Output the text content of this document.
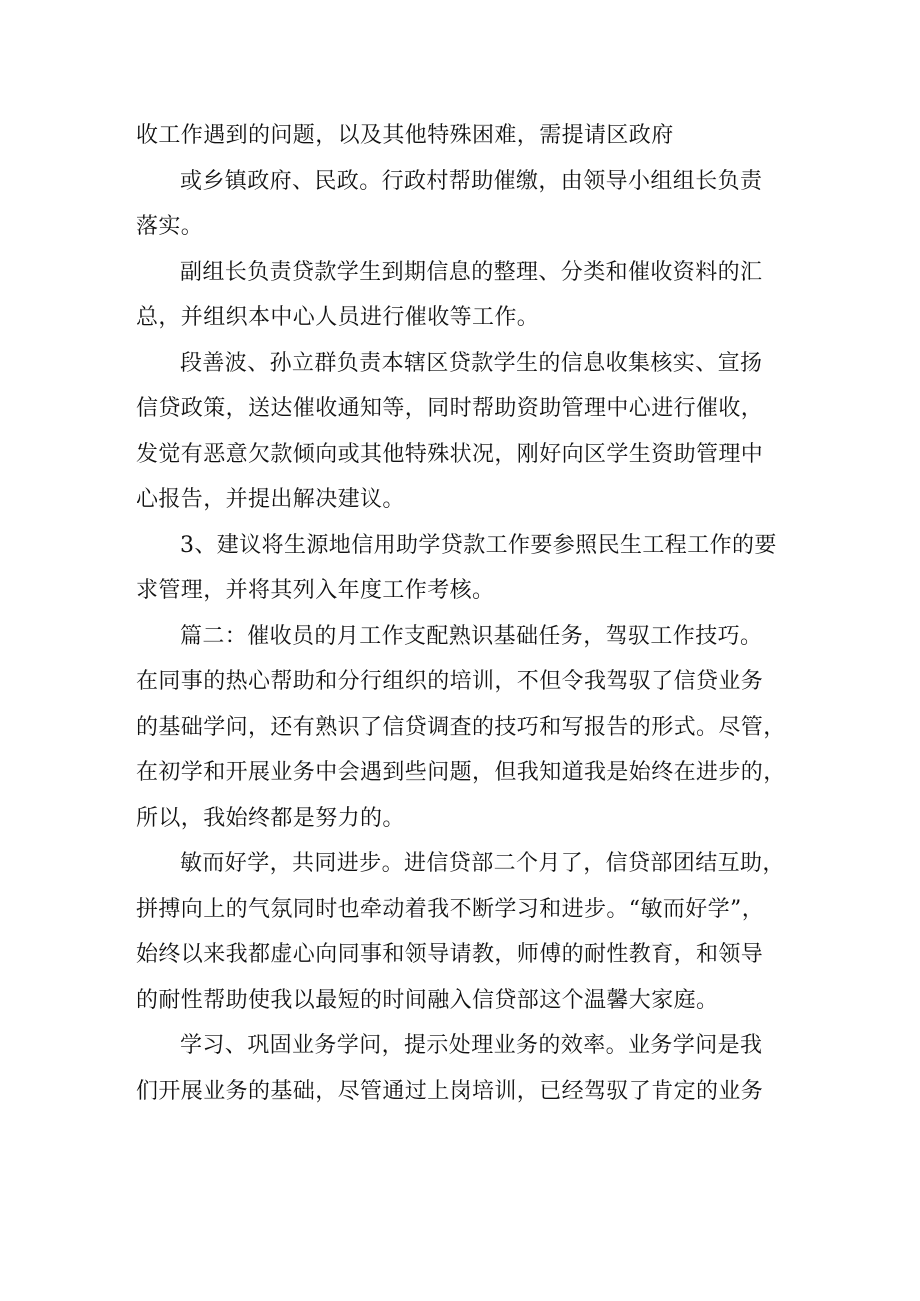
收工作遇到的问题，以及其他特殊困难，需提请区政府
或乡镇政府、民政。行政村帮助催缴，由领导小组组长负责
落实。
副组长负责贷款学生到期信息的整理、分类和催收资料的汇
总，并组织本中心人员进行催收等工作。
段善波、孙立群负责本辖区贷款学生的信息收集核实、宣扬
信贷政策，送达催收通知等，同时帮助资助管理中心进行催收，
发觉有恶意欠款倾向或其他特殊状况，刚好向区学生资助管理中
心报告，并提出解决建议。
3、建议将生源地信用助学贷款工作要参照民生工程工作的要
求管理，并将其列入年度工作考核。
篇二：催收员的月工作支配熟识基础任务，驾驭工作技巧。
在同事的热心帮助和分行组织的培训，不但令我驾驭了信贷业务
的基础学问，还有熟识了信贷调査的技巧和写报告的形式。尽管，
在初学和开展业务中会遇到些问题，但我知道我是始终在进步的，
所以，我始终都是努力的。
敏而好学，共同进步。进信贷部二个月了，信贷部团结互助，
拼搏向上的气氛同时也牵动着我不断学习和进步。“敏而好学”，
始终以来我都虚心向同事和领导请教，师傅的耐性教育，和领导
的耐性帮助使我以最短的时间融入信贷部这个温馨大家庭。
学习、巩固业务学问，提示处理业务的效率。业务学问是我
们开展业务的基础，尽管通过上岗培训，已经驾驭了肯定的业务
